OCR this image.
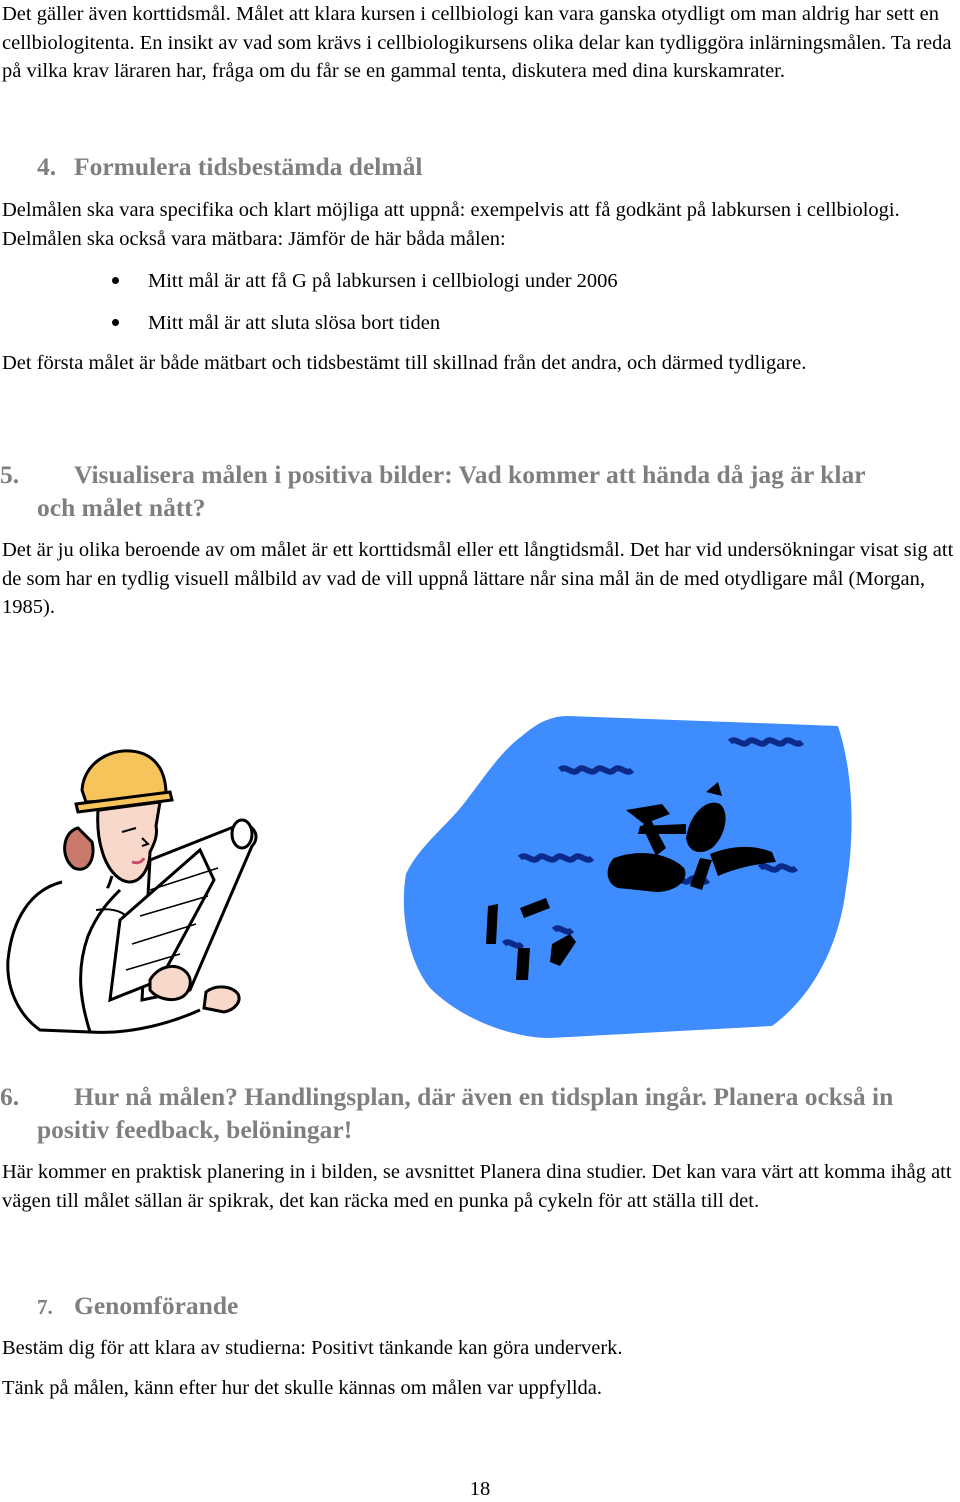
Det gäller även korttidsmål. Målet att klara kursen i cellbiologi kan vara ganska otydligt om man aldrig har sett en cellbiologitenta. En insikt av vad som krävs i cellbiologikursens olika delar kan tydliggöra inlärningsmålen. Ta reda på vilka krav läraren har, fråga om du får se en gammal tenta, diskutera med dina kurskamrater.

4. Formulera tidsbestämda delmål

Delmålen ska vara specifika och klart möjliga att uppnå: exempelvis att få godkänt på labkursen i cellbiologi. Delmålen ska också vara mätbara: Jämför de här båda målen:

Mitt mål är att få G på labkursen i cellbiologi under 2006
Mitt mål är att sluta slösa bort tiden

Det första målet är både mätbart och tidsbestämt till skillnad från det andra, och därmed tydligare.

5. Visualisera målen i positiva bilder: Vad kommer att hända då jag är klar och målet nått?

Det är ju olika beroende av om målet är ett korttidsmål eller ett långtidsmål. Det har vid undersökningar visat sig att de som har en tydlig visuell målbild av vad de vill uppnå lättare når sina mål än de med otydligare mål (Morgan, 1985).

6. Hur nå målen? Handlingsplan, där även en tidsplan ingår. Planera också in positiv feedback, belöningar!

Här kommer en praktisk planering in i bilden, se avsnittet Planera dina studier. Det kan vara värt att komma ihåg att vägen till målet sällan är spikrak, det kan räcka med en punka på cykeln för att ställa till det.

7. Genomförande

Bestäm dig för att klara av studierna: Positivt tänkande kan göra underverk.

Tänk på målen, känn efter hur det skulle kännas om målen var uppfyllda.

18
